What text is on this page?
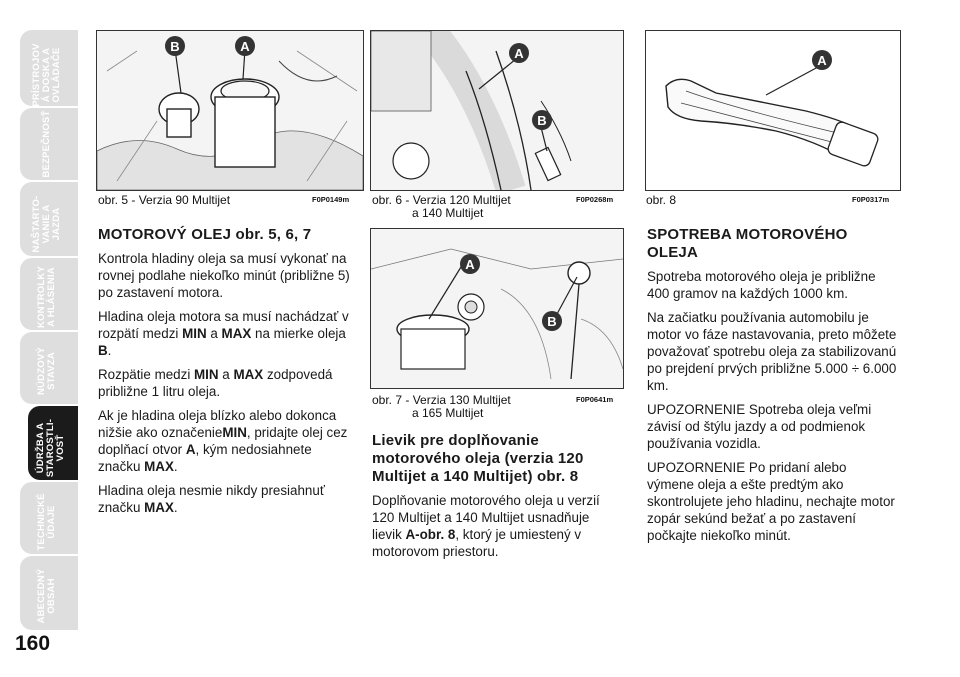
PRÍSTROJOV
Á DOSKA A
OVLÁDAČE
BEZPEČNOSŤ
NAŠTARTO-
VANIE A
JAZDA
KONTROLKY
A HLÁSENIA
NÚDZOVÝ
STAVZA
ÚDRŽBA A
STAROSTLI-
VOSŤ
TECHNICKÉ
ÚDAJE
ABECEDNÝ
OBSAH
160
B	A
obr. 5 - Verzia 90 Multijet	F0P0149m
A
B
obr. 6 - Verzia 120 Multijet
a 140 Multijet
F0P0268m
A
B
obr. 7 - Verzia 130 Multijet
a 165 Multijet
F0P0641m
A
obr. 8	F0P0317m
MOTOROVÝ OLEJ obr. 5, 6, 7

Kontrola hladiny oleja sa musí vykonať na rovnej podlahe niekoľko minút (približne 5) po zastavení motora.

Hladina oleja motora sa musí nachádzať v rozpätí medzi MIN a MAX na mierke oleja B.

Rozpätie medzi MIN a MAX zodpovedá približne 1 litru oleja.

Ak je hladina oleja blízko alebo dokonca nižšie ako označenieMIN, pridajte olej cez doplňací otvor A, kým nedosiahnete značku MAX.

Hladina oleja nesmie nikdy presiahnuť značku MAX.

Lievik pre doplňovanie motorového oleja (verzia 120 Multijet a 140 Multijet) obr. 8

Doplňovanie motorového oleja u verzií 120 Multijet a 140 Multijet usnadňuje lievik A-obr. 8, ktorý je umiestený v motorovom priestoru.

SPOTREBA MOTOROVÉHO OLEJA

Spotreba motorového oleja je približne 400 gramov na každých 1000 km.

Na začiatku používania automobilu je motor vo fáze nastavovania, preto môžete považovať spotrebu oleja za stabilizovanú po prejdení prvých približne 5.000 ÷ 6.000 km.

UPOZORNENIE Spotreba oleja veľmi závisí od štýlu jazdy a od podmienok používania vozidla.

UPOZORNENIE Po pridaní alebo výmene oleja a ešte predtým ako skontrolujete jeho hladinu, nechajte motor zopár sekúnd bežať a po zastavení počkajte niekoľko minút.
